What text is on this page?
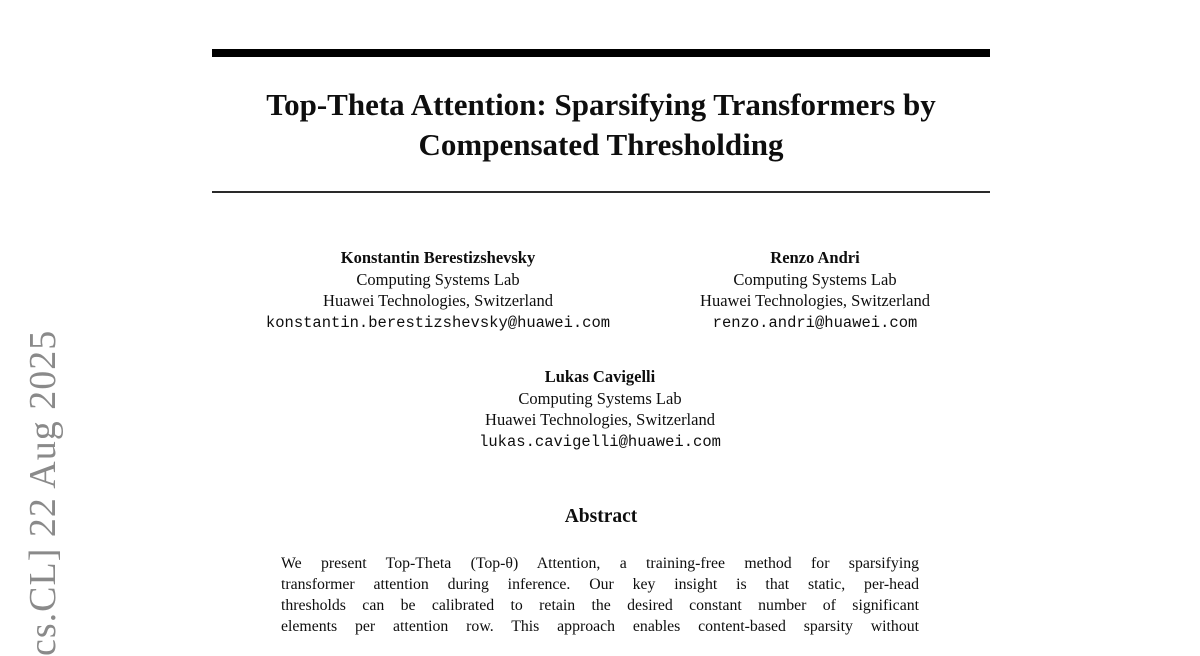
cs.CL] 22 Aug 2025
Top-Theta Attention: Sparsifying Transformers by
Compensated Thresholding
Konstantin Berestizshevsky
Computing Systems Lab
Huawei Technologies, Switzerland
konstantin.berestizshevsky@huawei.com
Renzo Andri
Computing Systems Lab
Huawei Technologies, Switzerland
renzo.andri@huawei.com
Lukas Cavigelli
Computing Systems Lab
Huawei Technologies, Switzerland
lukas.cavigelli@huawei.com
Abstract
We present Top-Theta (Top-θ) Attention, a training-free method for sparsifying
transformer attention during inference. Our key insight is that static, per-head
thresholds can be calibrated to retain the desired constant number of significant
elements per attention row. This approach enables content-based sparsity without
